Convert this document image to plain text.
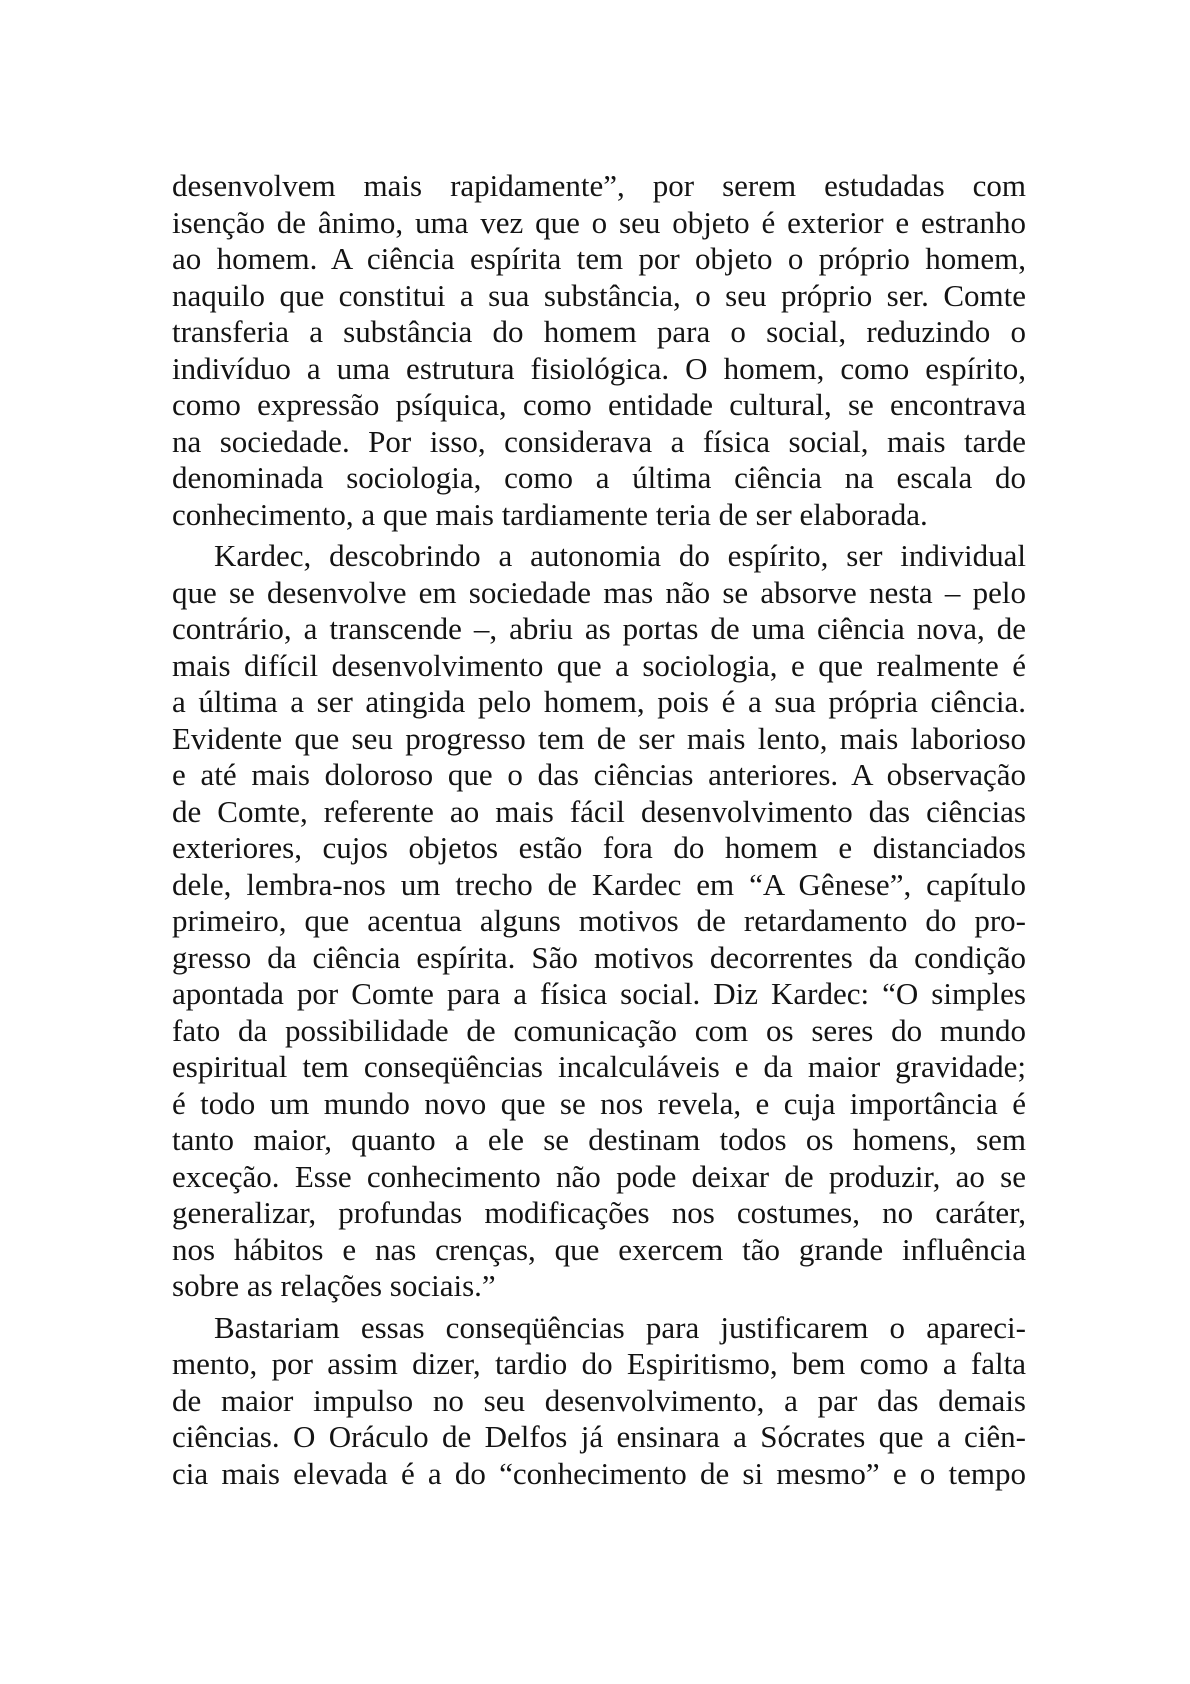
desenvolvem mais rapidamente”, por serem estudadas com
isenção de ânimo, uma vez que o seu objeto é exterior e estranho
ao homem. A ciência espírita tem por objeto o próprio homem,
naquilo que constitui a sua substância, o seu próprio ser. Comte
transferia a substância do homem para o social, reduzindo o
indivíduo a uma estrutura fisiológica. O homem, como espírito,
como expressão psíquica, como entidade cultural, se encontrava
na sociedade. Por isso, considerava a física social, mais tarde
denominada sociologia, como a última ciência na escala do
conhecimento, a que mais tardiamente teria de ser elaborada.
Kardec, descobrindo a autonomia do espírito, ser individual
que se desenvolve em sociedade mas não se absorve nesta – pelo
contrário, a transcende –, abriu as portas de uma ciência nova, de
mais difícil desenvolvimento que a sociologia, e que realmente é
a última a ser atingida pelo homem, pois é a sua própria ciência.
Evidente que seu progresso tem de ser mais lento, mais laborioso
e até mais doloroso que o das ciências anteriores. A observação
de Comte, referente ao mais fácil desenvolvimento das ciências
exteriores, cujos objetos estão fora do homem e distanciados
dele, lembra-nos um trecho de Kardec em “A Gênese”, capítulo
primeiro, que acentua alguns motivos de retardamento do pro-
gresso da ciência espírita. São motivos decorrentes da condição
apontada por Comte para a física social. Diz Kardec: “O simples
fato da possibilidade de comunicação com os seres do mundo
espiritual tem conseqüências incalculáveis e da maior gravidade;
é todo um mundo novo que se nos revela, e cuja importância é
tanto maior, quanto a ele se destinam todos os homens, sem
exceção. Esse conhecimento não pode deixar de produzir, ao se
generalizar, profundas modificações nos costumes, no caráter,
nos hábitos e nas crenças, que exercem tão grande influência
sobre as relações sociais.”
Bastariam essas conseqüências para justificarem o apareci-
mento, por assim dizer, tardio do Espiritismo, bem como a falta
de maior impulso no seu desenvolvimento, a par das demais
ciências. O Oráculo de Delfos já ensinara a Sócrates que a ciên-
cia mais elevada é a do “conhecimento de si mesmo” e o tempo
